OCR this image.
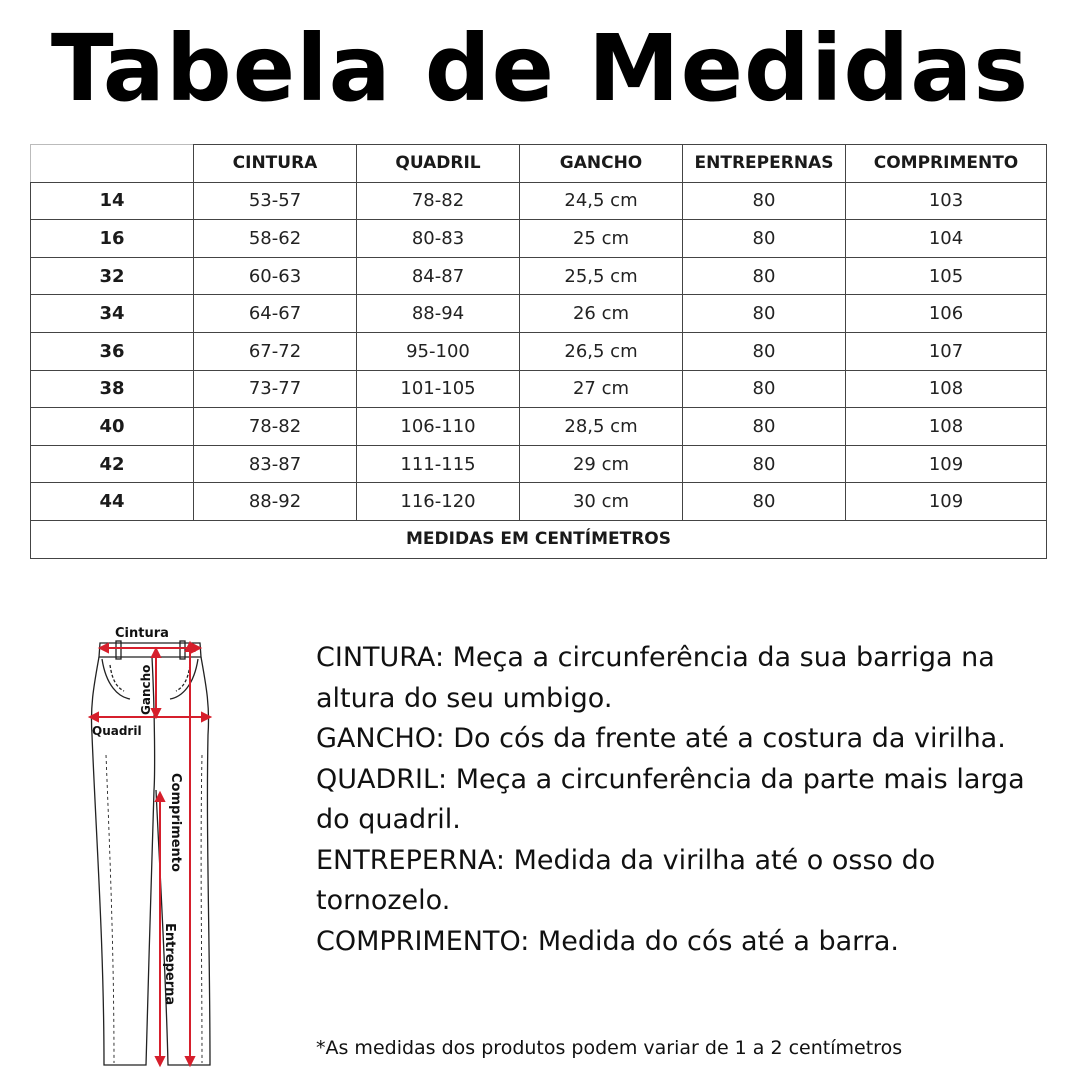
Tabela de Medidas
	CINTURA	QUADRIL	GANCHO	ENTREPERNAS	COMPRIMENTO
14	53-57	78-82	24,5 cm	80	103
16	58-62	80-83	25 cm	80	104
32	60-63	84-87	25,5 cm	80	105
34	64-67	88-94	26 cm	80	106
36	67-72	95-100	26,5 cm	80	107
38	73-77	101-105	27 cm	80	108
40	78-82	106-110	28,5 cm	80	108
42	83-87	111-115	29 cm	80	109
44	88-92	116-120	30 cm	80	109
MEDIDAS EM CENTÍMETROS					
Cintura
Gancho
Quadril
Comprimento
Entreperna

CINTURA: Meça a circunferência da sua barriga na altura do seu umbigo.

GANCHO: Do cós da frente até a costura da virilha.

QUADRIL: Meça a circunferência da parte mais larga do quadril.

ENTREPERNA: Medida da virilha até o osso do tornozelo.

COMPRIMENTO: Medida do cós até a barra.

*As medidas dos produtos podem variar de 1 a 2 centímetros
